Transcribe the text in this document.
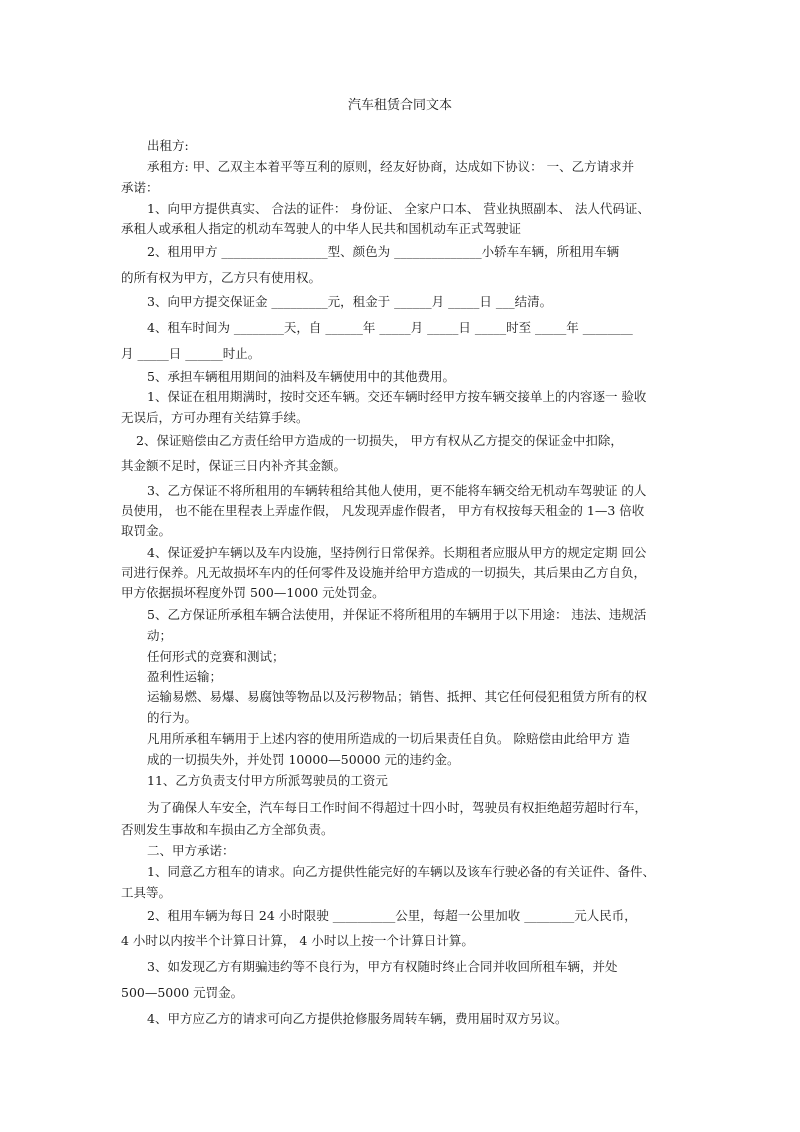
汽车租赁合同文本
出租方:
承租方: 甲、乙双主本着平等互利的原则，经友好协商，达成如下协议： 一、乙方请求并
承诺：
1、向甲方提供真实、 合法的证件： 身份证、 全家户口本、 营业执照副本、 法人代码证、
承租人或承租人指定的机动车驾驶人的中华人民共和国机动车正式驾驶证
2、租用甲方 _________________型、颜色为 ______________小轿车车辆，所租用车辆
的所有权为甲方，乙方只有使用权。
3、向甲方提交保证金 _________元，租金于 ______月 _____日 ___结清。
4、租车时间为 ________天，自 ______年 _____月 _____日 _____时至 _____年 ________
月 _____日 ______时止。
5、承担车辆租用期间的油料及车辆使用中的其他费用。
1、保证在租用期满时，按时交还车辆。交还车辆时经甲方按车辆交接单上的内容逐一 验收
无误后，方可办理有关结算手续。
2、保证赔偿由乙方责任给甲方造成的一切损失， 甲方有权从乙方提交的保证金中扣除，
其金额不足时，保证三日内补齐其金额。
3、乙方保证不将所租用的车辆转租给其他人使用，更不能将车辆交给无机动车驾驶证 的人
员使用， 也不能在里程表上弄虚作假， 凡发现弄虚作假者， 甲方有权按每天租金的 1—3 倍收
取罚金。
4、保证爱护车辆以及车内设施，坚持例行日常保养。长期租者应服从甲方的规定定期 回公
司进行保养。凡无故损坏车内的任何零件及设施并给甲方造成的一切损失，其后果由乙方自负，
甲方依据损坏程度外罚 500—1000 元处罚金。
5、乙方保证所承租车辆合法使用，并保证不将所租用的车辆用于以下用途： 违法、违规活
动；
任何形式的竞赛和测试；
盈利性运输；
运输易燃、易爆、易腐蚀等物品以及污秽物品；销售、抵押、其它任何侵犯租赁方所有的权
的行为。
凡用所承租车辆用于上述内容的使用所造成的一切后果责任自负。 除赔偿由此给甲方 造
成的一切损失外，并处罚 10000—50000 元的违约金。
11、乙方负责支付甲方所派驾驶员的工资元
为了确保人车安全，汽车每日工作时间不得超过十四小时，驾驶员有权拒绝超劳超时行车，
否则发生事故和车损由乙方全部负责。
二、甲方承诺：
1、同意乙方租车的请求。向乙方提供性能完好的车辆以及该车行驶必备的有关证件、备件、
工具等。
2、租用车辆为每日 24 小时限驶 __________公里，每超一公里加收 ________元人民币，
4 小时以内按半个计算日计算， 4 小时以上按一个计算日计算。
3、如发现乙方有期骗违约等不良行为，甲方有权随时终止合同并收回所租车辆，并处
500—5000 元罚金。
4、甲方应乙方的请求可向乙方提供抢修服务周转车辆，费用届时双方另议。
